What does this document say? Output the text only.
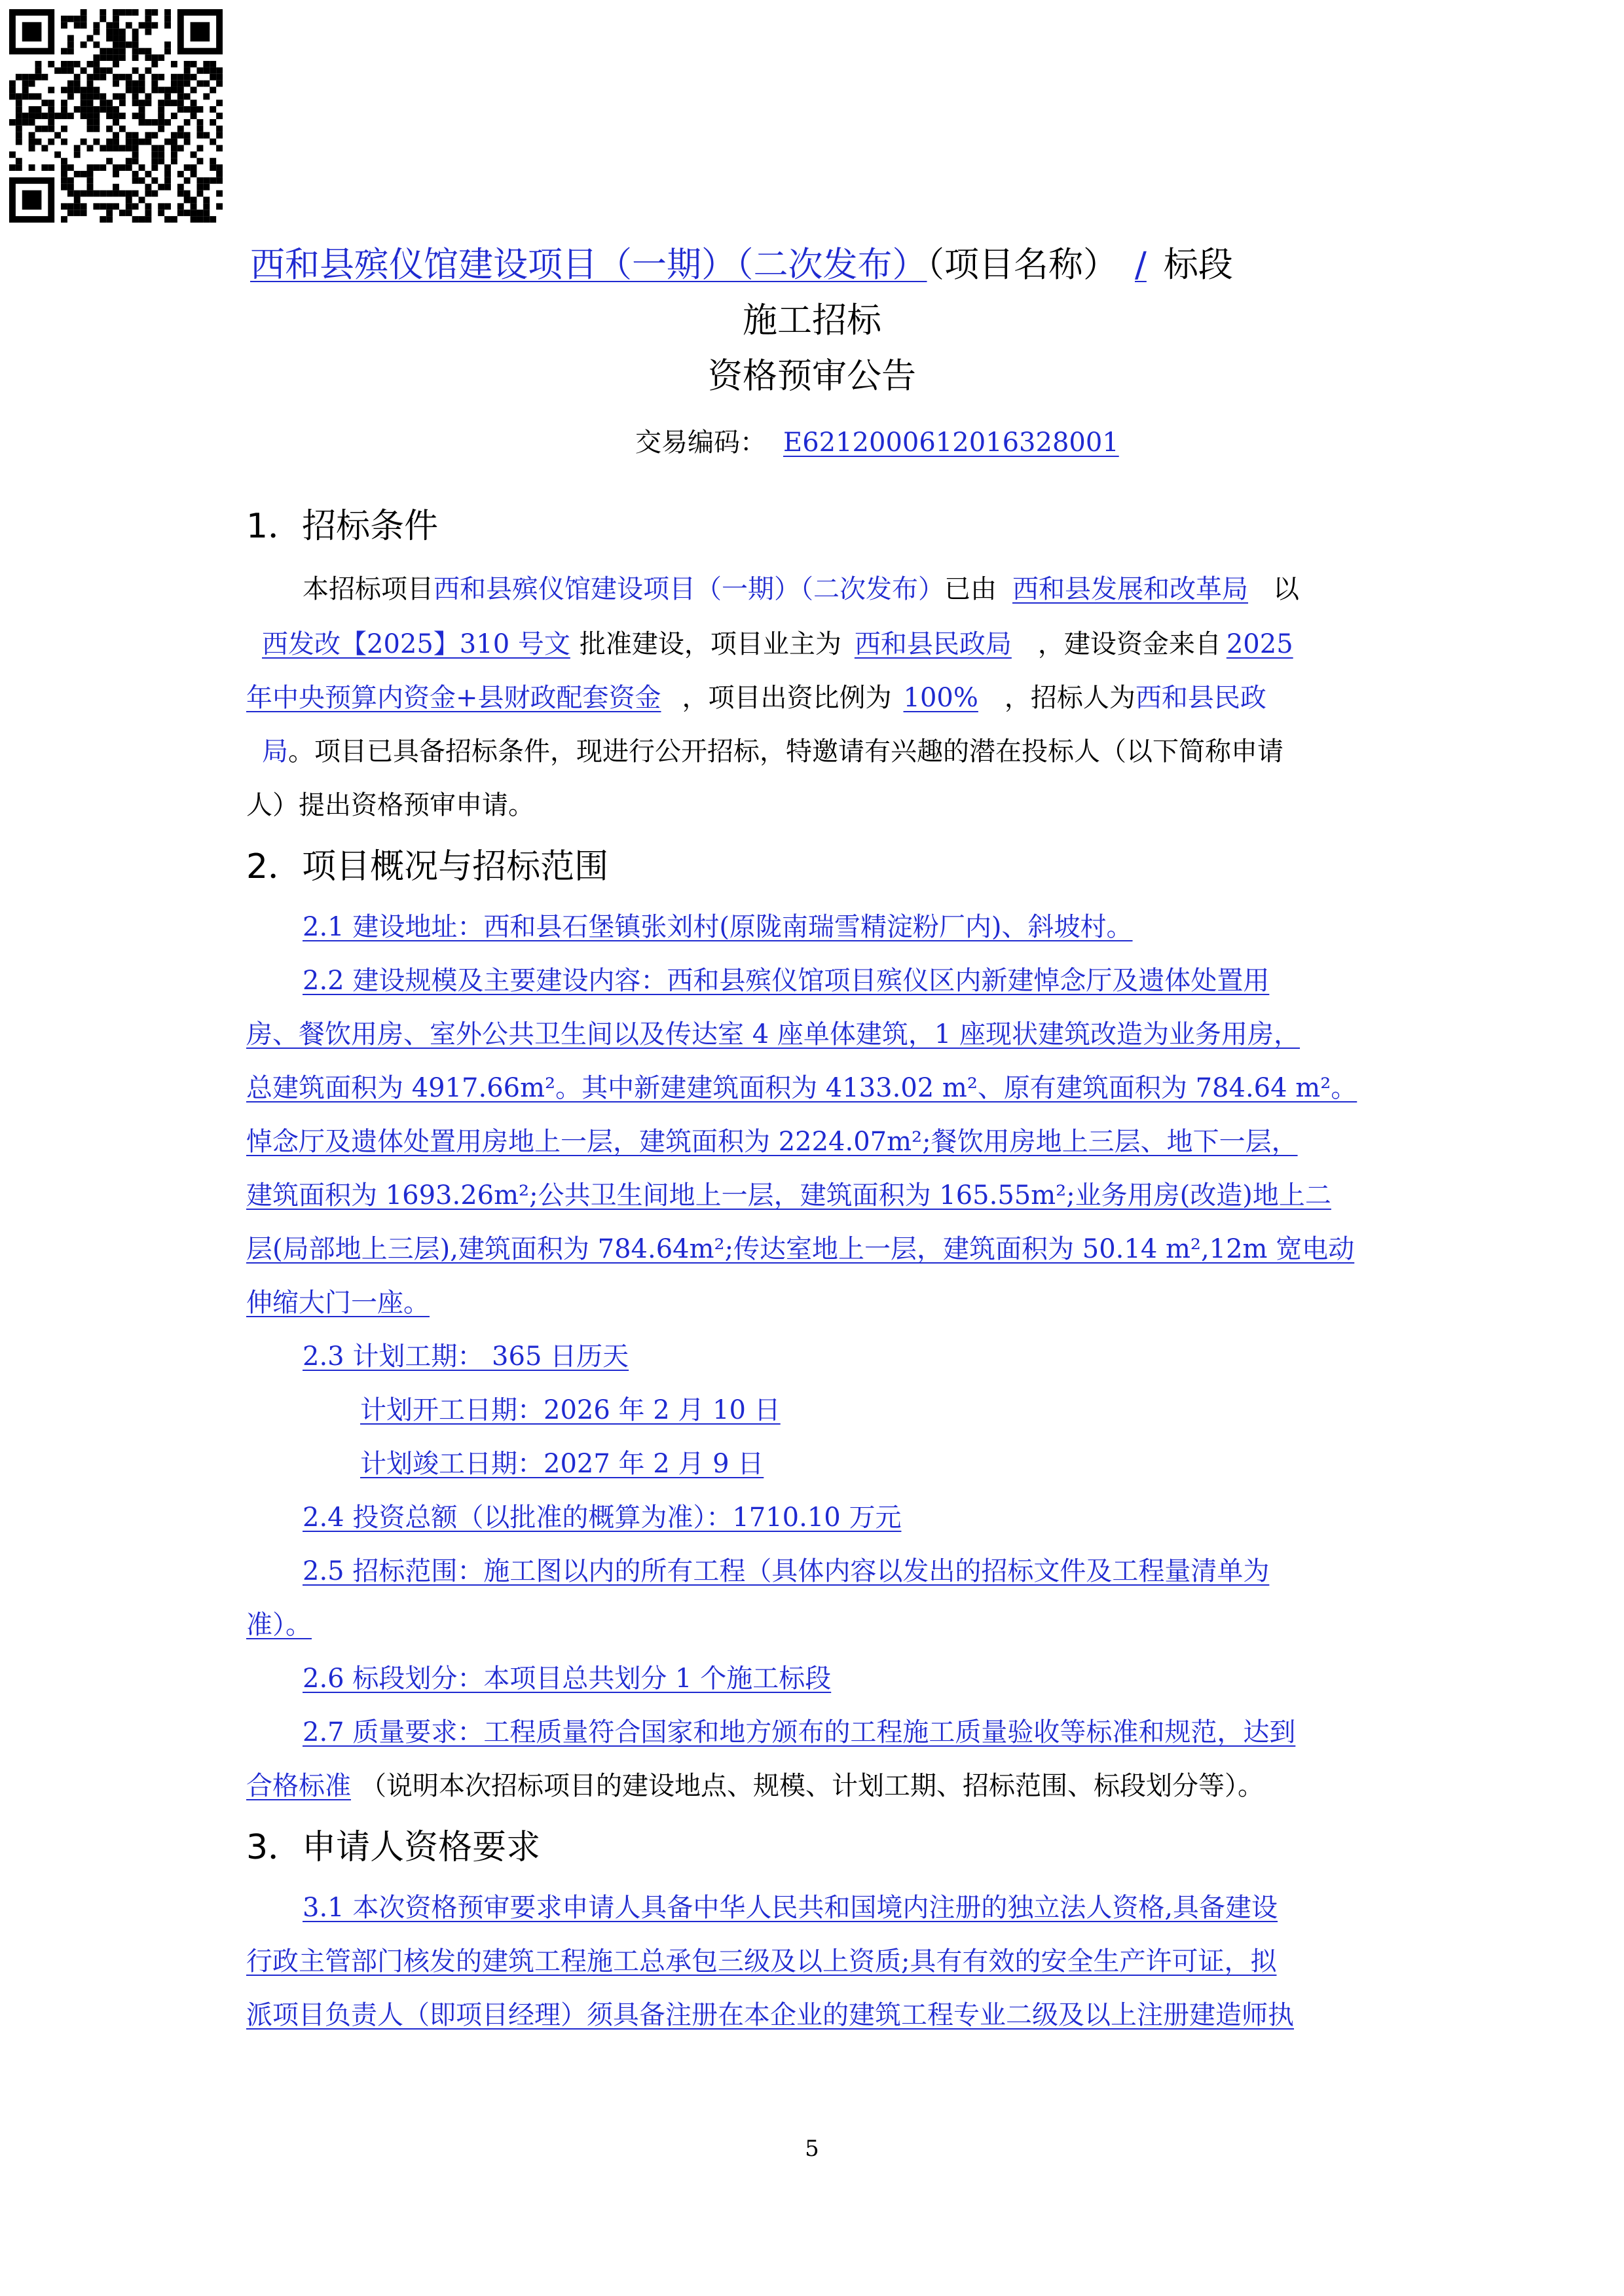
西和县殡仪馆建设项目（一期）（二次发布）（项目名称） / 标段
施工招标
资格预审公告
交易编码： E6212000612016328001
1．招标条件
本招标项目西和县殡仪馆建设项目（一期）（二次发布）已由 西和县发展和改革局 以
西发改【2025】310 号文 批准建设，项目业主为 西和县民政局 ，建设资金来自 2025
年中央预算内资金+县财政配套资金 ，项目出资比例为 100% ，招标人为西和县民政
局。项目已具备招标条件，现进行公开招标，特邀请有兴趣的潜在投标人（以下简称申请
人）提出资格预审申请。
2．项目概况与招标范围
2.1 建设地址：西和县石堡镇张刘村(原陇南瑞雪精淀粉厂内)、斜坡村。
2.2 建设规模及主要建设内容：西和县殡仪馆项目殡仪区内新建悼念厅及遗体处置用
房、餐饮用房、室外公共卫生间以及传达室 4 座单体建筑，1 座现状建筑改造为业务用房，
总建筑面积为 4917.66m²。其中新建建筑面积为 4133.02 m²、原有建筑面积为 784.64 m²。
悼念厅及遗体处置用房地上一层，建筑面积为 2224.07m²;餐饮用房地上三层、地下一层，
建筑面积为 1693.26m²;公共卫生间地上一层，建筑面积为 165.55m²;业务用房(改造)地上二
层(局部地上三层),建筑面积为 784.64m²;传达室地上一层，建筑面积为 50.14 m²,12m 宽电动
伸缩大门一座。
2.3 计划工期： 365 日历天
计划开工日期：2026 年 2 月 10 日
计划竣工日期：2027 年 2 月 9 日
2.4 投资总额（以批准的概算为准）：1710.10 万元
2.5 招标范围：施工图以内的所有工程（具体内容以发出的招标文件及工程量清单为
准）。
2.6 标段划分：本项目总共划分 1 个施工标段
2.7 质量要求：工程质量符合国家和地方颁布的工程施工质量验收等标准和规范，达到
合格标准 （说明本次招标项目的建设地点、规模、计划工期、招标范围、标段划分等）。
3．申请人资格要求
3.1 本次资格预审要求申请人具备中华人民共和国境内注册的独立法人资格,具备建设
行政主管部门核发的建筑工程施工总承包三级及以上资质;具有有效的安全生产许可证，拟
派项目负责人（即项目经理）须具备注册在本企业的建筑工程专业二级及以上注册建造师执
5
